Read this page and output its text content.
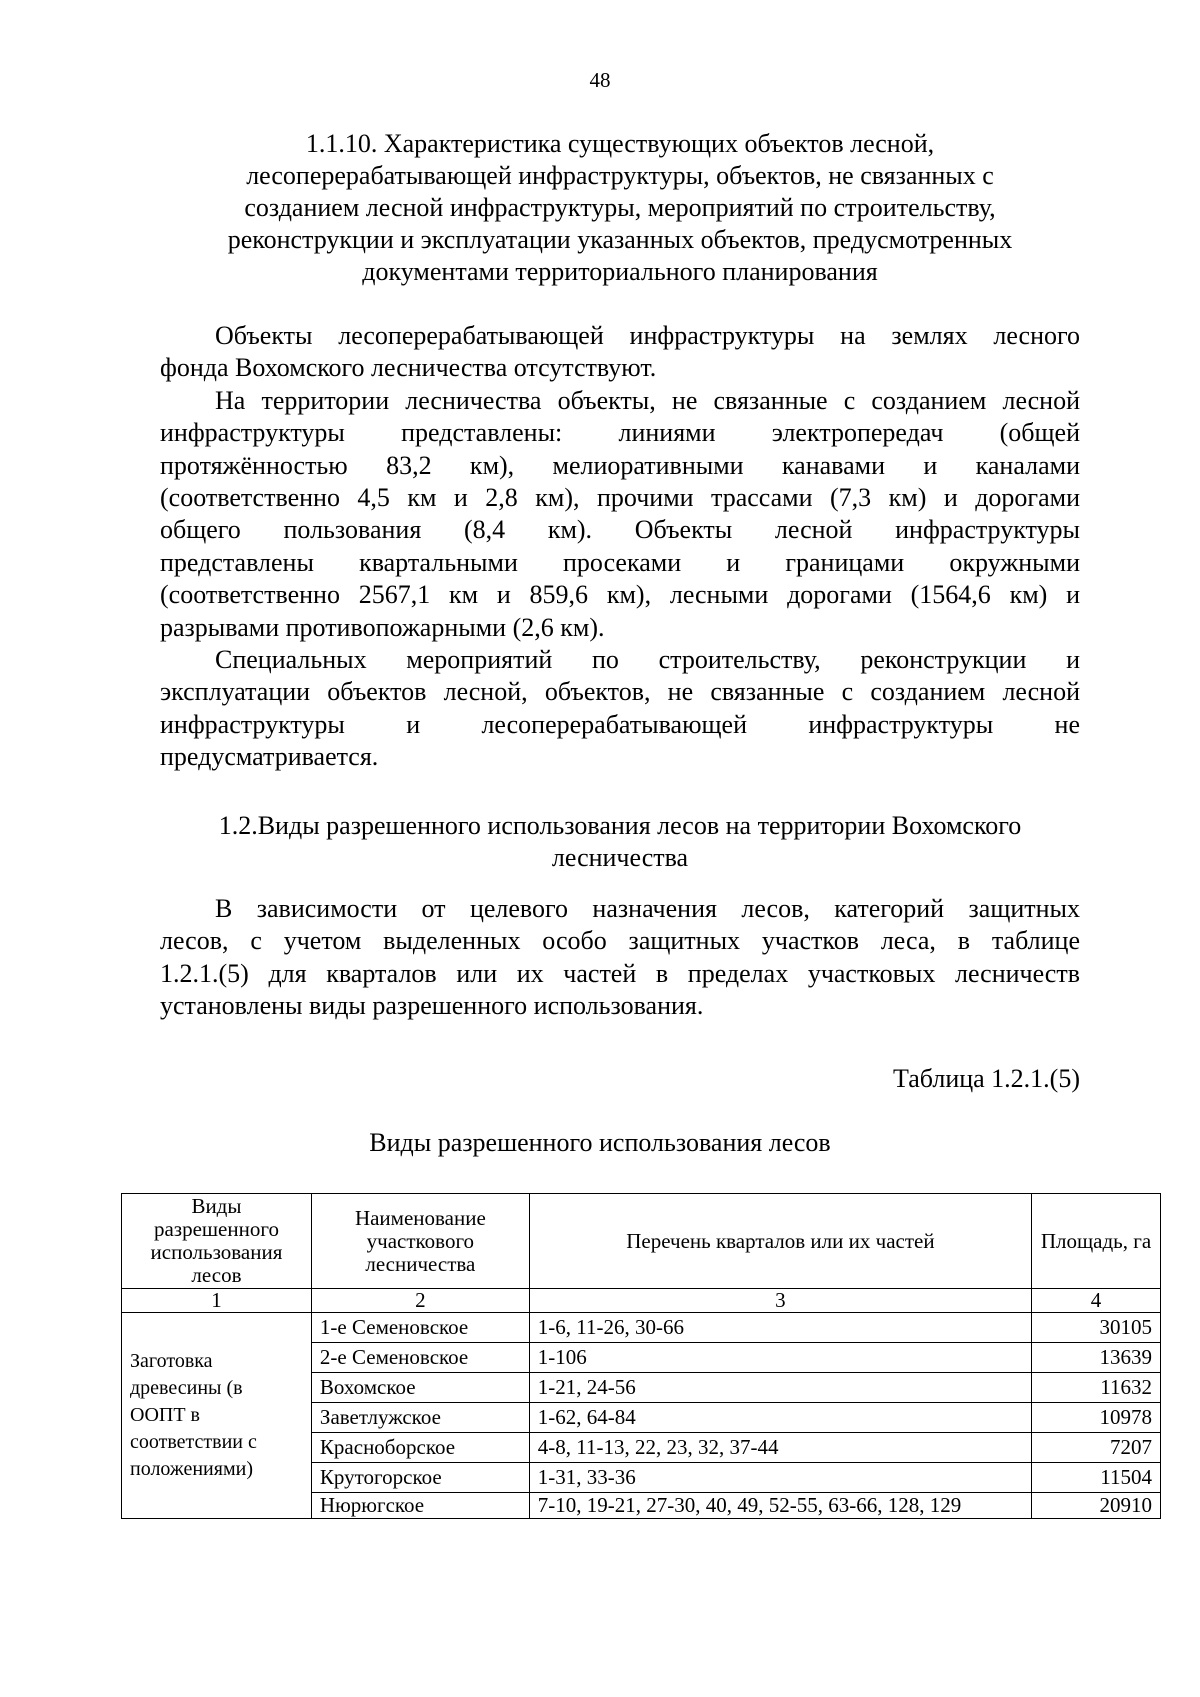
48
1.1.10. Характеристика существующих объектов лесной,
лесоперерабатывающей инфраструктуры, объектов, не связанных с
созданием лесной инфраструктуры, мероприятий по строительству,
реконструкции и эксплуатации указанных объектов, предусмотренных
документами территориального планирования
Объекты лесоперерабатывающей инфраструктуры на землях лесного
фонда Вохомского лесничества отсутствуют.
На территории лесничества объекты, не связанные с созданием лесной
инфраструктуры представлены: линиями электропередач (общей
протяжённостью 83,2 км), мелиоративными канавами и каналами
(соответственно 4,5 км и 2,8 км), прочими трассами (7,3 км) и дорогами
общего пользования (8,4 км). Объекты лесной инфраструктуры
представлены квартальными просеками и границами окружными
(соответственно 2567,1 км и 859,6 км), лесными дорогами (1564,6 км) и
разрывами противопожарными (2,6 км).
Специальных мероприятий по строительству, реконструкции и
эксплуатации объектов лесной, объектов, не связанные с созданием лесной
инфраструктуры и лесоперерабатывающей инфраструктуры не
предусматривается.
1.2.Виды разрешенного использования лесов на территории Вохомского
лесничества
В зависимости от целевого назначения лесов, категорий защитных
лесов, с учетом выделенных особо защитных участков леса, в таблице
1.2.1.(5) для кварталов или их частей в пределах участковых лесничеств
установлены виды разрешенного использования.
Таблица 1.2.1.(5)
Виды разрешенного использования лесов
Виды разрешенного использования лесов	Наименование участкового лесничества	Перечень кварталов или их частей	Площадь, га
1	2	3	4
Заготовка древесины (в ООПТ в соответствии с положениями)	1-е Семеновское	1-6, 11-26, 30-66	30105
	2-е Семеновское	1-106	13639
	Вохомское	1-21, 24-56	11632
	Заветлужское	1-62, 64-84	10978
	Красноборское	4-8, 11-13, 22, 23, 32, 37-44	7207
	Крутогорское	1-31, 33-36	11504
	Нюрюгское	7-10, 19-21, 27-30, 40, 49, 52-55, 63-66, 128, 129	20910
